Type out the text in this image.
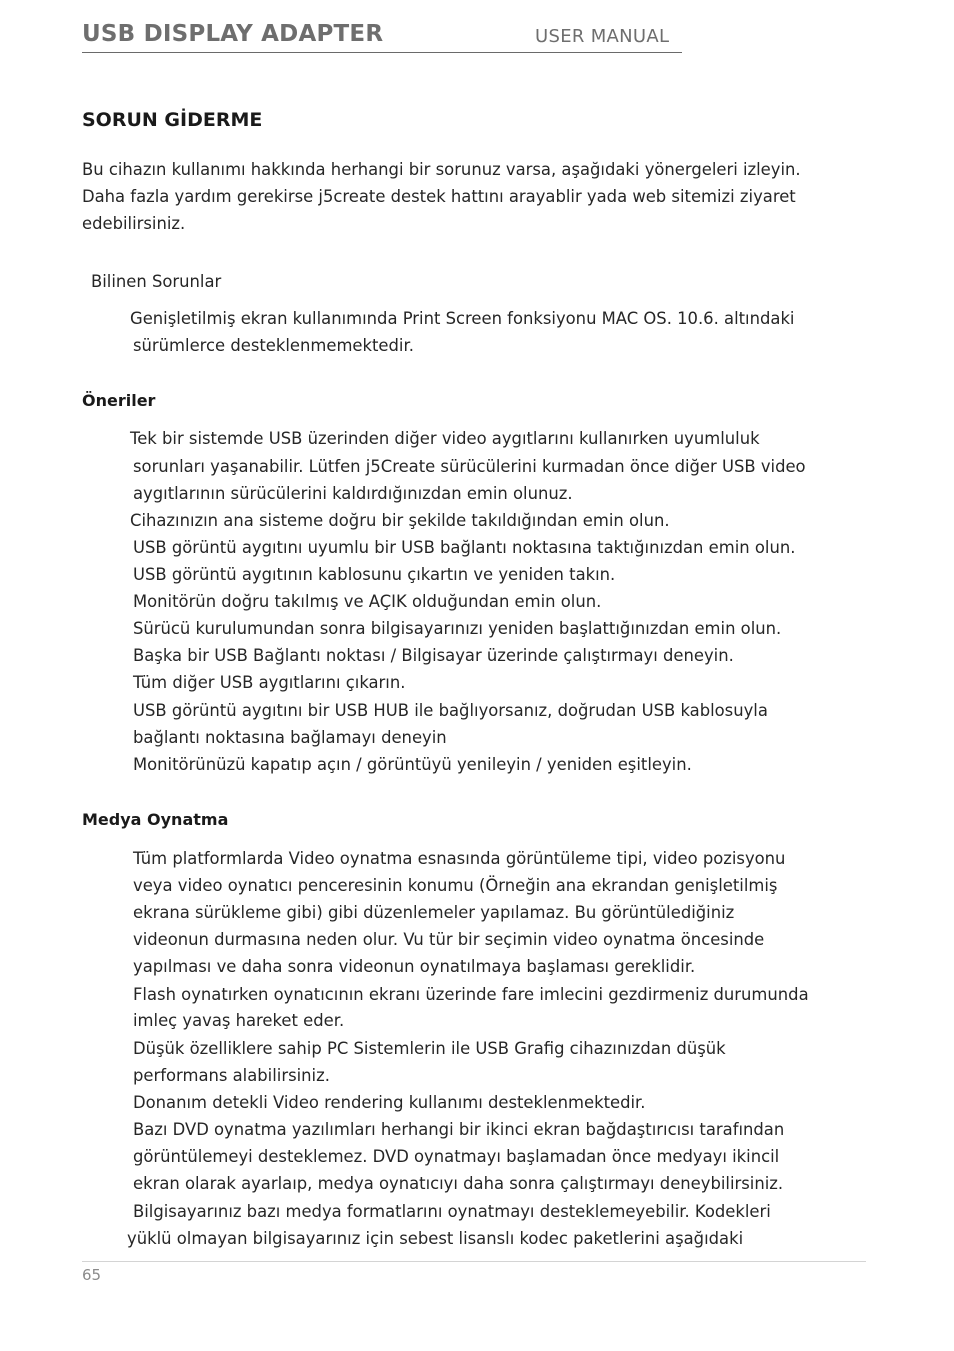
USB DISPLAY ADAPTER	USER MANUAL
SORUN GİDERME
Bu cihazın kullanımı hakkında herhangi bir sorunuz varsa, aşağıdaki yönergeleri izleyin.
Daha fazla yardım gerekirse j5create destek hattını arayablir yada web sitemizi ziyaret
edebilirsiniz.
Bilinen Sorunlar
Genişletilmiş ekran kullanımında Print Screen fonksiyonu MAC OS. 10.6. altındaki
sürümlerce desteklenmemektedir.
Öneriler
Tek bir sistemde USB üzerinden diğer video aygıtlarını kullanırken uyumluluk
sorunları yaşanabilir. Lütfen j5Create sürücülerini kurmadan önce diğer USB video
aygıtlarının sürücülerini kaldırdığınızdan emin olunuz.
Cihazınızın ana sisteme doğru bir şekilde takıldığından emin olun.
USB görüntü aygıtını uyumlu bir USB bağlantı noktasına taktığınızdan emin olun.
USB görüntü aygıtının kablosunu çıkartın ve yeniden takın.
Monitörün doğru takılmış ve AÇIK olduğundan emin olun.
Sürücü kurulumundan sonra bilgisayarınızı yeniden başlattığınızdan emin olun.
Başka bir USB Bağlantı noktası / Bilgisayar üzerinde çalıştırmayı deneyin.
Tüm diğer USB aygıtlarını çıkarın.
USB görüntü aygıtını bir USB HUB ile bağlıyorsanız, doğrudan USB kablosuyla
bağlantı noktasına bağlamayı deneyin
Monitörünüzü kapatıp açın / görüntüyü yenileyin / yeniden eşitleyin.
Medya Oynatma
Tüm platformlarda Video oynatma esnasında görüntüleme tipi, video pozisyonu
veya video oynatıcı penceresinin konumu (Örneğin ana ekrandan genişletilmiş
ekrana sürükleme gibi) gibi düzenlemeler yapılamaz. Bu görüntülediğiniz
videonun durmasına neden olur. Vu tür bir seçimin video oynatma öncesinde
yapılması ve daha sonra videonun oynatılmaya başlaması gereklidir.
Flash oynatırken oynatıcının ekranı üzerinde fare imlecini gezdirmeniz durumunda
imleç yavaş hareket eder.
Düşük özelliklere sahip PC Sistemlerin ile USB Grafig cihazınızdan düşük
performans alabilirsiniz.
Donanım detekli Video rendering kullanımı desteklenmektedir.
Bazı DVD oynatma yazılımları herhangi bir ikinci ekran bağdaştırıcısı tarafından
görüntülemeyi desteklemez. DVD oynatmayı başlamadan önce medyayı ikincil
ekran olarak ayarlaıp, medya oynatıcıyı daha sonra çalıştırmayı deneybilirsiniz.
Bilgisayarınız bazı medya formatlarını oynatmayı desteklemeyebilir. Kodekleri
yüklü olmayan bilgisayarınız için sebest lisanslı kodec paketlerini aşağıdaki
65
